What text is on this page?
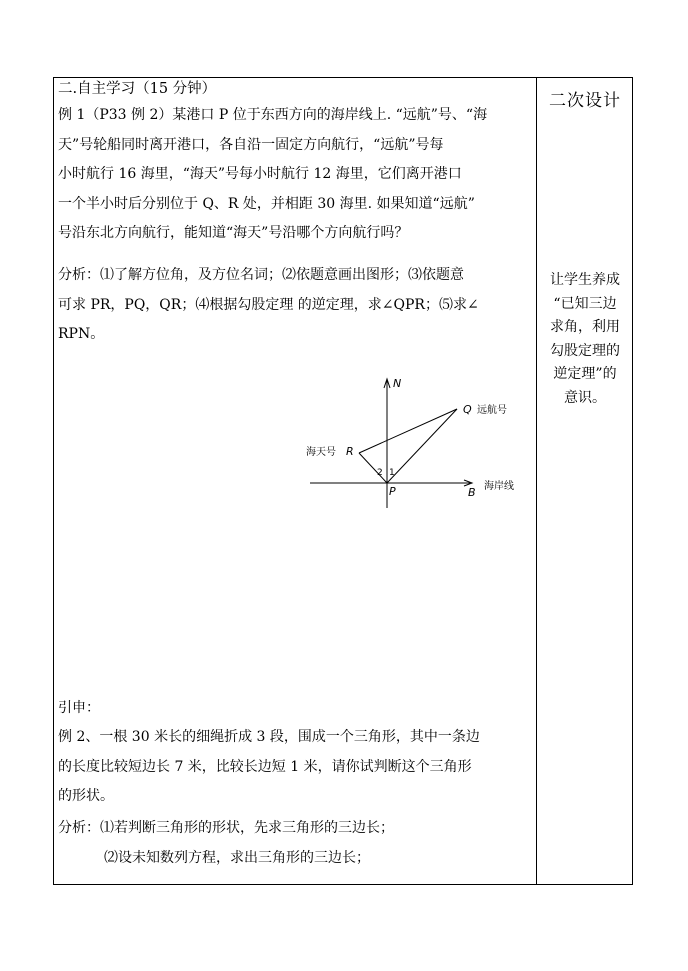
二.自主学习（15 分钟）
例 1（P33 例 2）某港口 P 位于东西方向的海岸线上. “远航”号、“海
天”号轮船同时离开港口，各自沿一固定方向航行，“远航”号每
小时航行 16 海里，“海天”号每小时航行 12 海里，它们离开港口
一个半小时后分别位于 Q、R 处，并相距 30 海里. 如果知道“远航”
号沿东北方向航行，能知道“海天”号沿哪个方向航行吗？
分析：⑴了解方位角，及方位名词；⑵依题意画出图形；⑶依题意
可求 PR，PQ，QR；⑷根据勾股定理 的逆定理，求∠QPR；⑸求∠
RPN。
引申：
例 2、一根 30 米长的细绳折成 3 段，围成一个三角形，其中一条边
的长度比较短边长 7 米，比较长边短 1 米，请你试判断这个三角形
的形状。
分析：⑴若判断三角形的形状，先求三角形的三边长；
⑵设未知数列方程，求出三角形的三边长；
N
Q 远航号
海天号 R
2 1
P	海岸线
B
二次设计
让学生养成
“已知三边
求角，利用
勾股定理的
逆定理”的
意识。
